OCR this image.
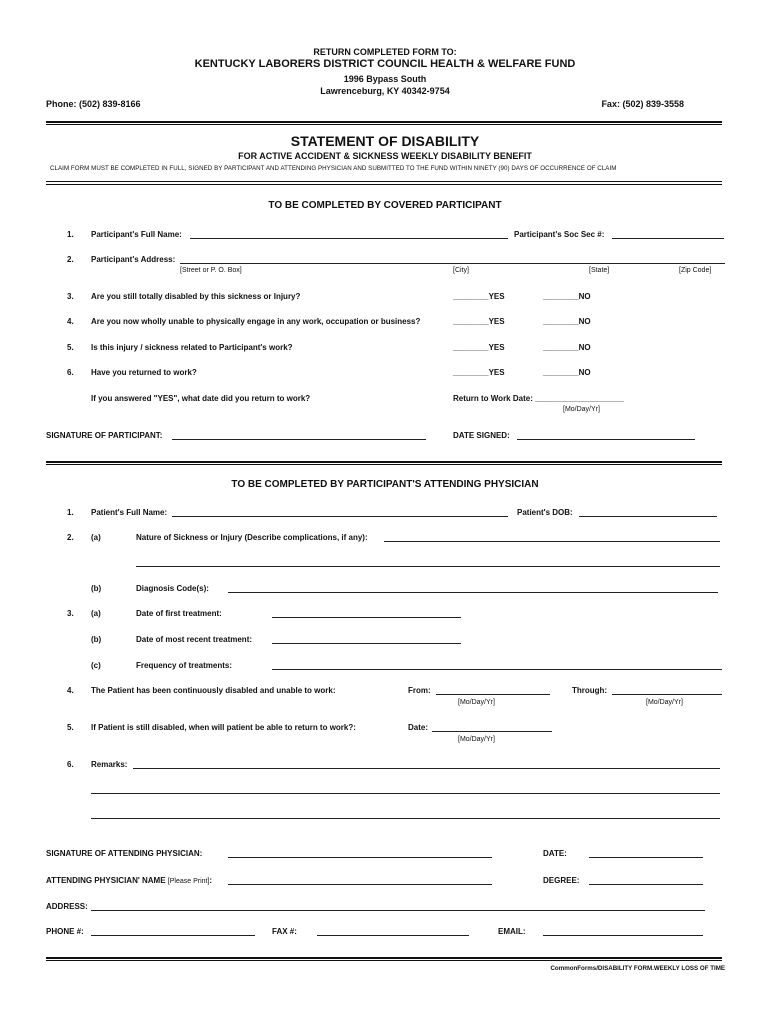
RETURN COMPLETED FORM TO:
KENTUCKY LABORERS DISTRICT COUNCIL HEALTH & WELFARE FUND
1996 Bypass South
Lawrenceburg, KY 40342-9754
Phone: (502) 839-8166	Fax: (502) 839-3558
STATEMENT OF DISABILITY
FOR ACTIVE ACCIDENT & SICKNESS WEEKLY DISABILITY BENEFIT
CLAIM FORM MUST BE COMPLETED IN FULL, SIGNED BY PARTICIPANT AND ATTENDING PHYSICIAN AND SUBMITTED TO THE FUND WITHIN NINETY (90) DAYS OF OCCURRENCE OF CLAIM
TO BE COMPLETED BY COVERED PARTICIPANT
1. Participant's Full Name:	Participant's Soc Sec #:
2. Participant's Address:
[Street or P. O. Box]	[City]	[State]	[Zip Code]
3. Are you still totally disabled by this sickness or Injury?	________YES	________NO
4. Are you now wholly unable to physically engage in any work, occupation or business?	________YES	________NO
5. Is this injury / sickness related to Participant's work?	________YES	________NO
6. Have you returned to work?	________YES	________NO
If you answered "YES", what date did you return to work?	Return to Work Date: ____________________
[Mo/Day/Yr]
SIGNATURE OF PARTICIPANT:	DATE SIGNED:
TO BE COMPLETED BY PARTICIPANT'S ATTENDING PHYSICIAN
1. Patient's Full Name:	Patient's DOB:
2. (a)	Nature of Sickness or Injury (Describe complications, if any):
(b)	Diagnosis Code(s):
3. (a)	Date of first treatment:
(b)	Date of most recent treatment:
(c)	Frequency of treatments:
4. The Patient has been continuously disabled and unable to work:	From:
[Mo/Day/Yr]
Through:
[Mo/Day/Yr]
5. If Patient is still disabled, when will patient be able to return to work?:	Date:
[Mo/Day/Yr]
6. Remarks:
SIGNATURE OF ATTENDING PHYSICIAN:	DATE:
ATTENDING PHYSICIAN' NAME [Please Print]:	DEGREE:
ADDRESS:
PHONE #:	FAX #:	EMAIL:
CommonForms/DISABILITY FORM.WEEKLY LOSS OF TIME
